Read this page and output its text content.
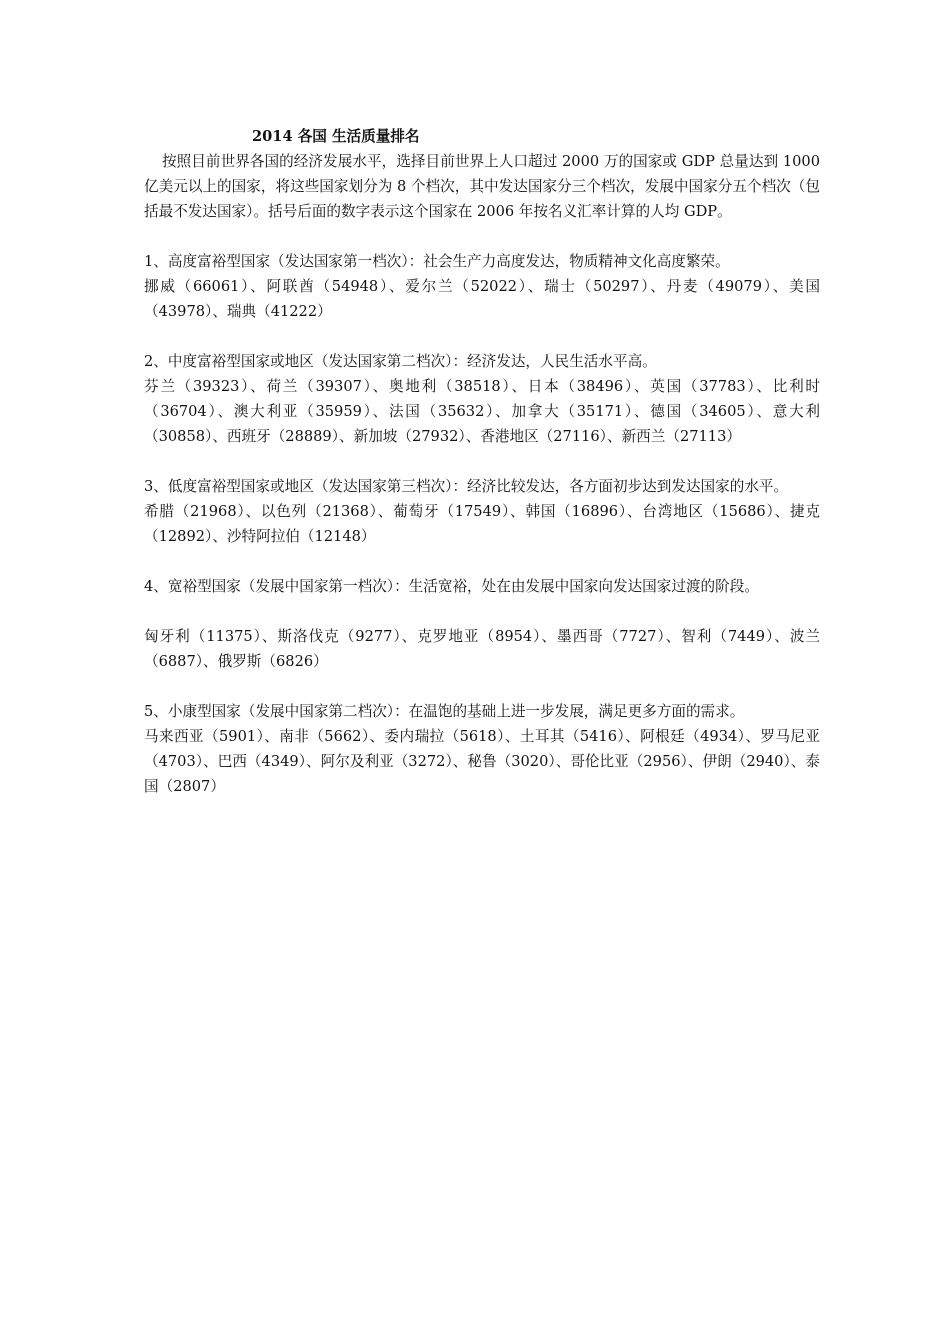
2014 各国 生活质量排名

按照目前世界各国的经济发展水平，选择目前世界上人口超过 2000 万的国家或 GDP 总量达到 1000 亿美元以上的国家，将这些国家划分为 8 个档次，其中发达国家分三个档次，发展中国家分五个档次（包括最不发达国家）。括号后面的数字表示这个国家在 2006 年按名义汇率计算的人均 GDP。

1、高度富裕型国家（发达国家第一档次）：社会生产力高度发达，物质精神文化高度繁荣。

挪威（66061）、阿联酋（54948）、爱尔兰（52022）、瑞士（50297）、丹麦（49079）、美国（43978）、瑞典（41222）

2、中度富裕型国家或地区（发达国家第二档次）：经济发达，人民生活水平高。

芬兰（39323）、荷兰（39307）、奥地利（38518）、日本（38496）、英国（37783）、比利时（36704）、澳大利亚（35959）、法国（35632）、加拿大（35171）、德国（34605）、意大利（30858）、西班牙（28889）、新加坡（27932）、香港地区（27116）、新西兰（27113）

3、低度富裕型国家或地区（发达国家第三档次）：经济比较发达，各方面初步达到发达国家的水平。

希腊（21968）、以色列（21368）、葡萄牙（17549）、韩国（16896）、台湾地区（15686）、捷克（12892）、沙特阿拉伯（12148）

4、宽裕型国家（发展中国家第一档次）：生活宽裕，处在由发展中国家向发达国家过渡的阶段。

匈牙利（11375）、斯洛伐克（9277）、克罗地亚（8954）、墨西哥（7727）、智利（7449）、波兰（6887）、俄罗斯（6826）

5、小康型国家（发展中国家第二档次）：在温饱的基础上进一步发展，满足更多方面的需求。

马来西亚（5901）、南非（5662）、委内瑞拉（5618）、土耳其（5416）、阿根廷（4934）、罗马尼亚（4703）、巴西（4349）、阿尔及利亚（3272）、秘鲁（3020）、哥伦比亚（2956）、伊朗（2940）、泰国（2807）
